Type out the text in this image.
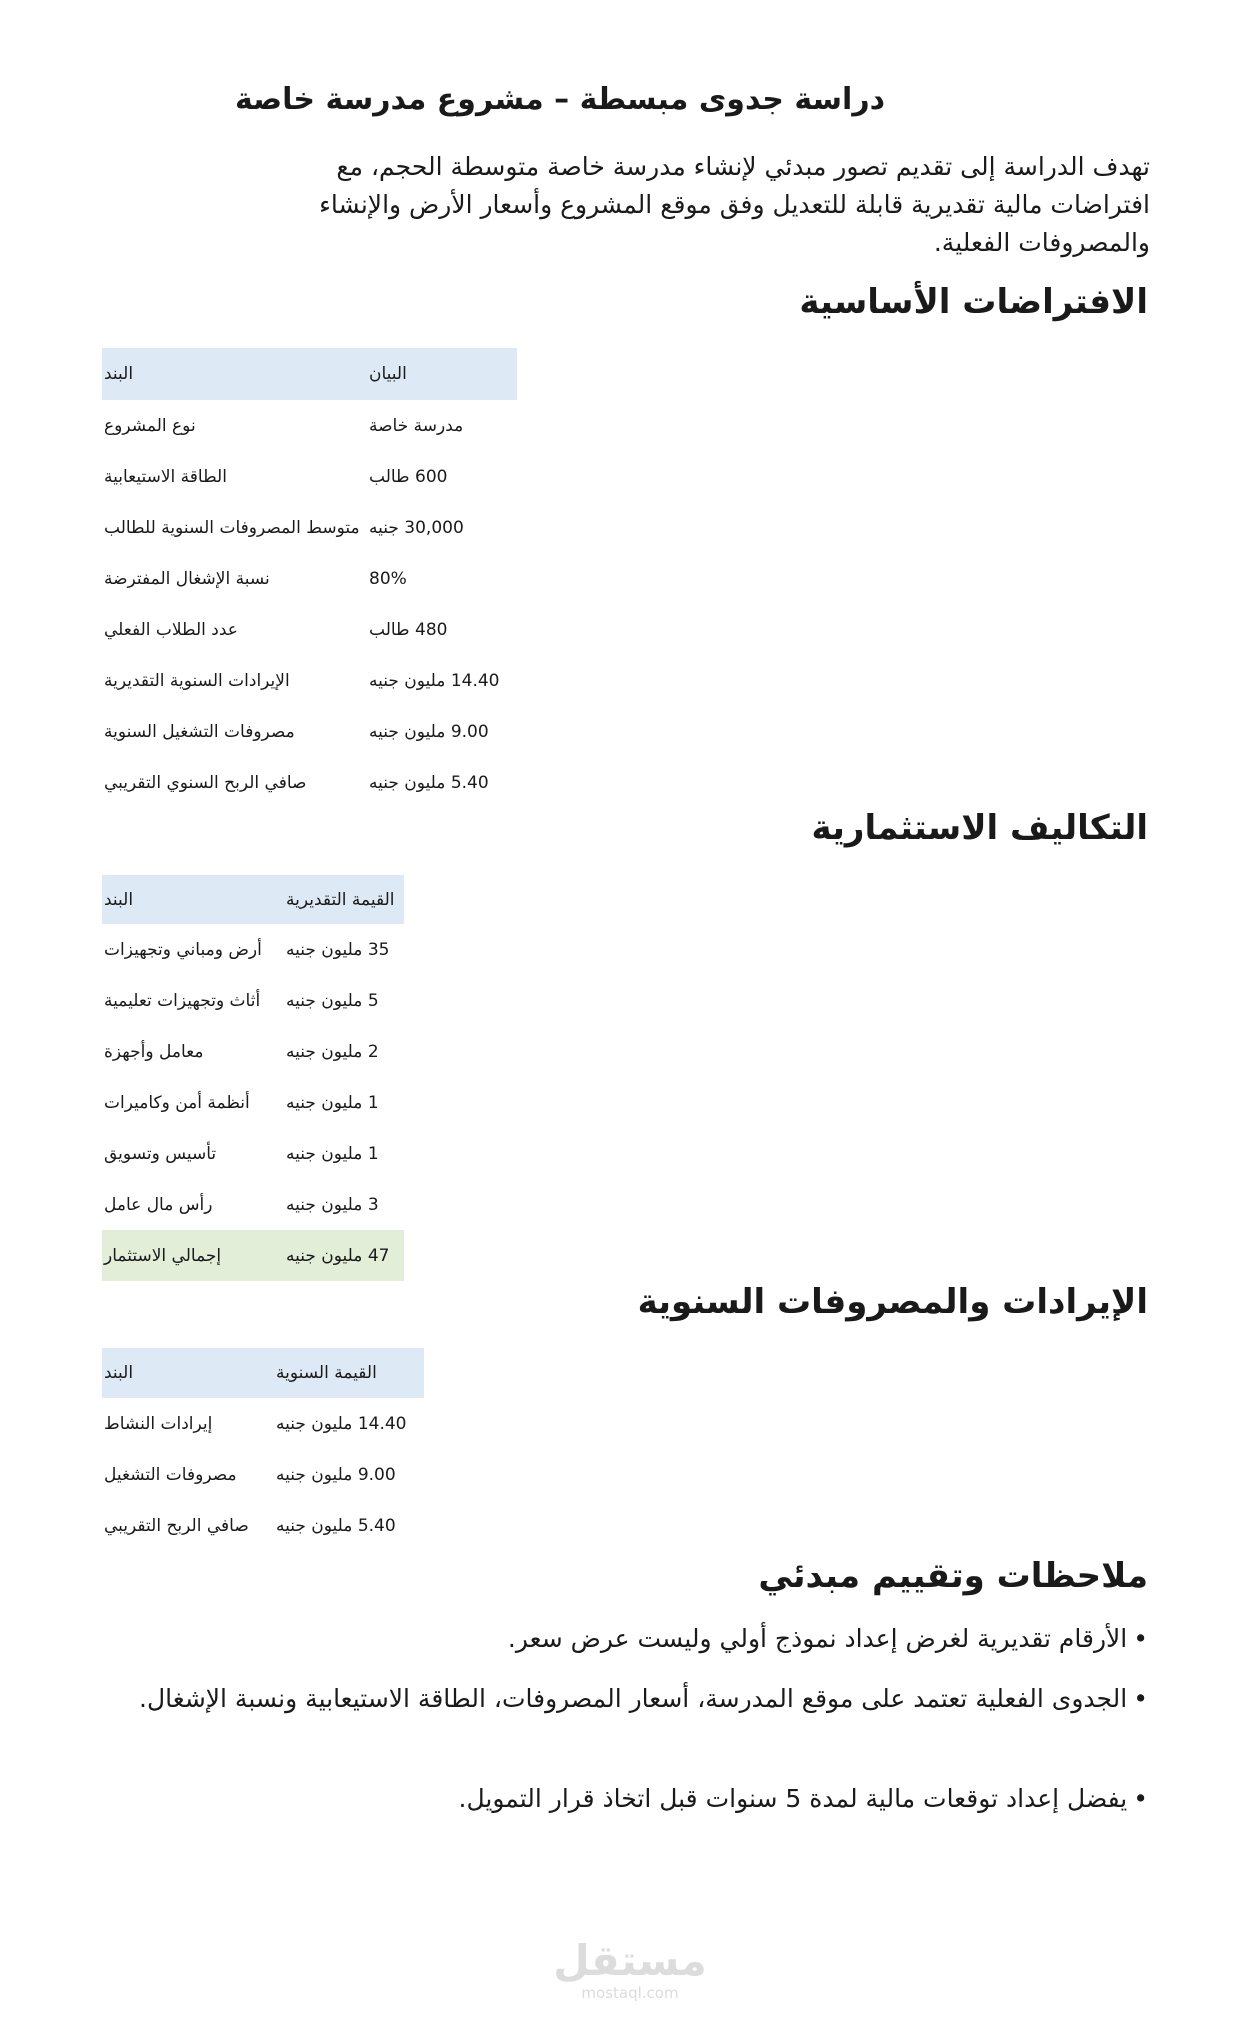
دراسة جدوى مبسطة – مشروع مدرسة خاصة
تهدف الدراسة إلى تقديم تصور مبدئي لإنشاء مدرسة خاصة متوسطة الحجم، مع افتراضات مالية تقديرية قابلة للتعديل وفق موقع المشروع وأسعار الأرض والإنشاء والمصروفات الفعلية.
الافتراضات الأساسية
البند	البيان
نوع المشروع	مدرسة خاصة
الطاقة الاستيعابية	600 طالب
متوسط المصروفات السنوية للطالب	30,000 جنيه
نسبة الإشغال المفترضة	80%
عدد الطلاب الفعلي	480 طالب
الإيرادات السنوية التقديرية	14.40 مليون جنيه
مصروفات التشغيل السنوية	9.00 مليون جنيه
صافي الربح السنوي التقريبي	5.40 مليون جنيه
التكاليف الاستثمارية
البند	القيمة التقديرية
أرض ومباني وتجهيزات	35 مليون جنيه
أثاث وتجهيزات تعليمية	5 مليون جنيه
معامل وأجهزة	2 مليون جنيه
أنظمة أمن وكاميرات	1 مليون جنيه
تأسيس وتسويق	1 مليون جنيه
رأس مال عامل	3 مليون جنيه
إجمالي الاستثمار	47 مليون جنيه
الإيرادات والمصروفات السنوية
البند	القيمة السنوية
إيرادات النشاط	14.40 مليون جنيه
مصروفات التشغيل	9.00 مليون جنيه
صافي الربح التقريبي	5.40 مليون جنيه
ملاحظات وتقييم مبدئي
•الأرقام تقديرية لغرض إعداد نموذج أولي وليست عرض سعر.
•الجدوى الفعلية تعتمد على موقع المدرسة، أسعار المصروفات، الطاقة الاستيعابية ونسبة الإشغال.
•يفضل إعداد توقعات مالية لمدة 5 سنوات قبل اتخاذ قرار التمويل.
مستقل
mostaql.com
